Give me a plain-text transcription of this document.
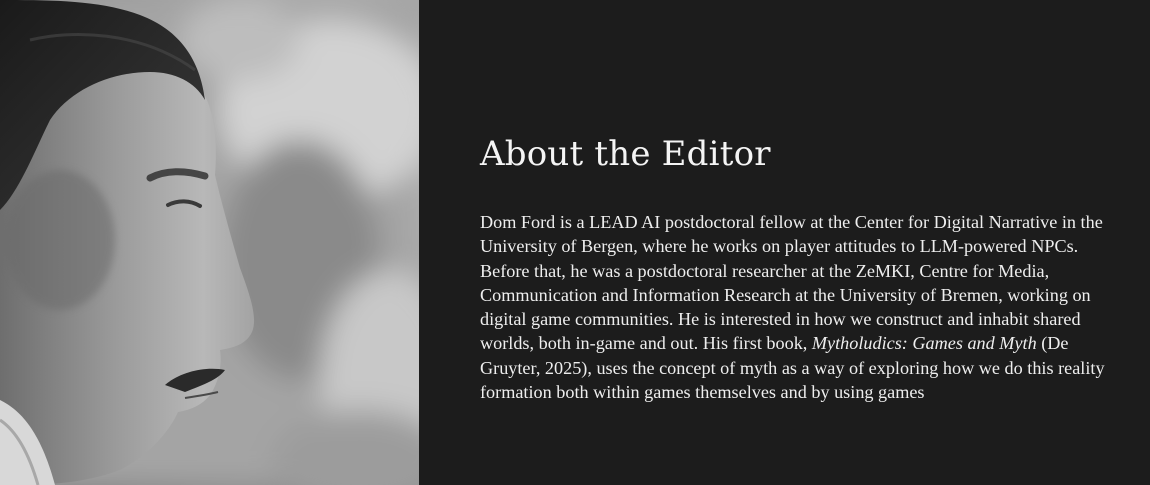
About the Editor

Dom Ford is a LEAD AI postdoctoral fellow at the Center for Digital Narrative in the University of Bergen, where he works on player attitudes to LLM-powered NPCs. Before that, he was a postdoctoral researcher at the ZeMKI, Centre for Media, Communication and Information Research at the University of Bremen, working on digital game communities. He is interested in how we construct and inhabit shared worlds, both in-game and out. His first book, Mytholudics: Games and Myth (De Gruyter, 2025), uses the concept of myth as a way of exploring how we do this reality formation both within games themselves and by using games
